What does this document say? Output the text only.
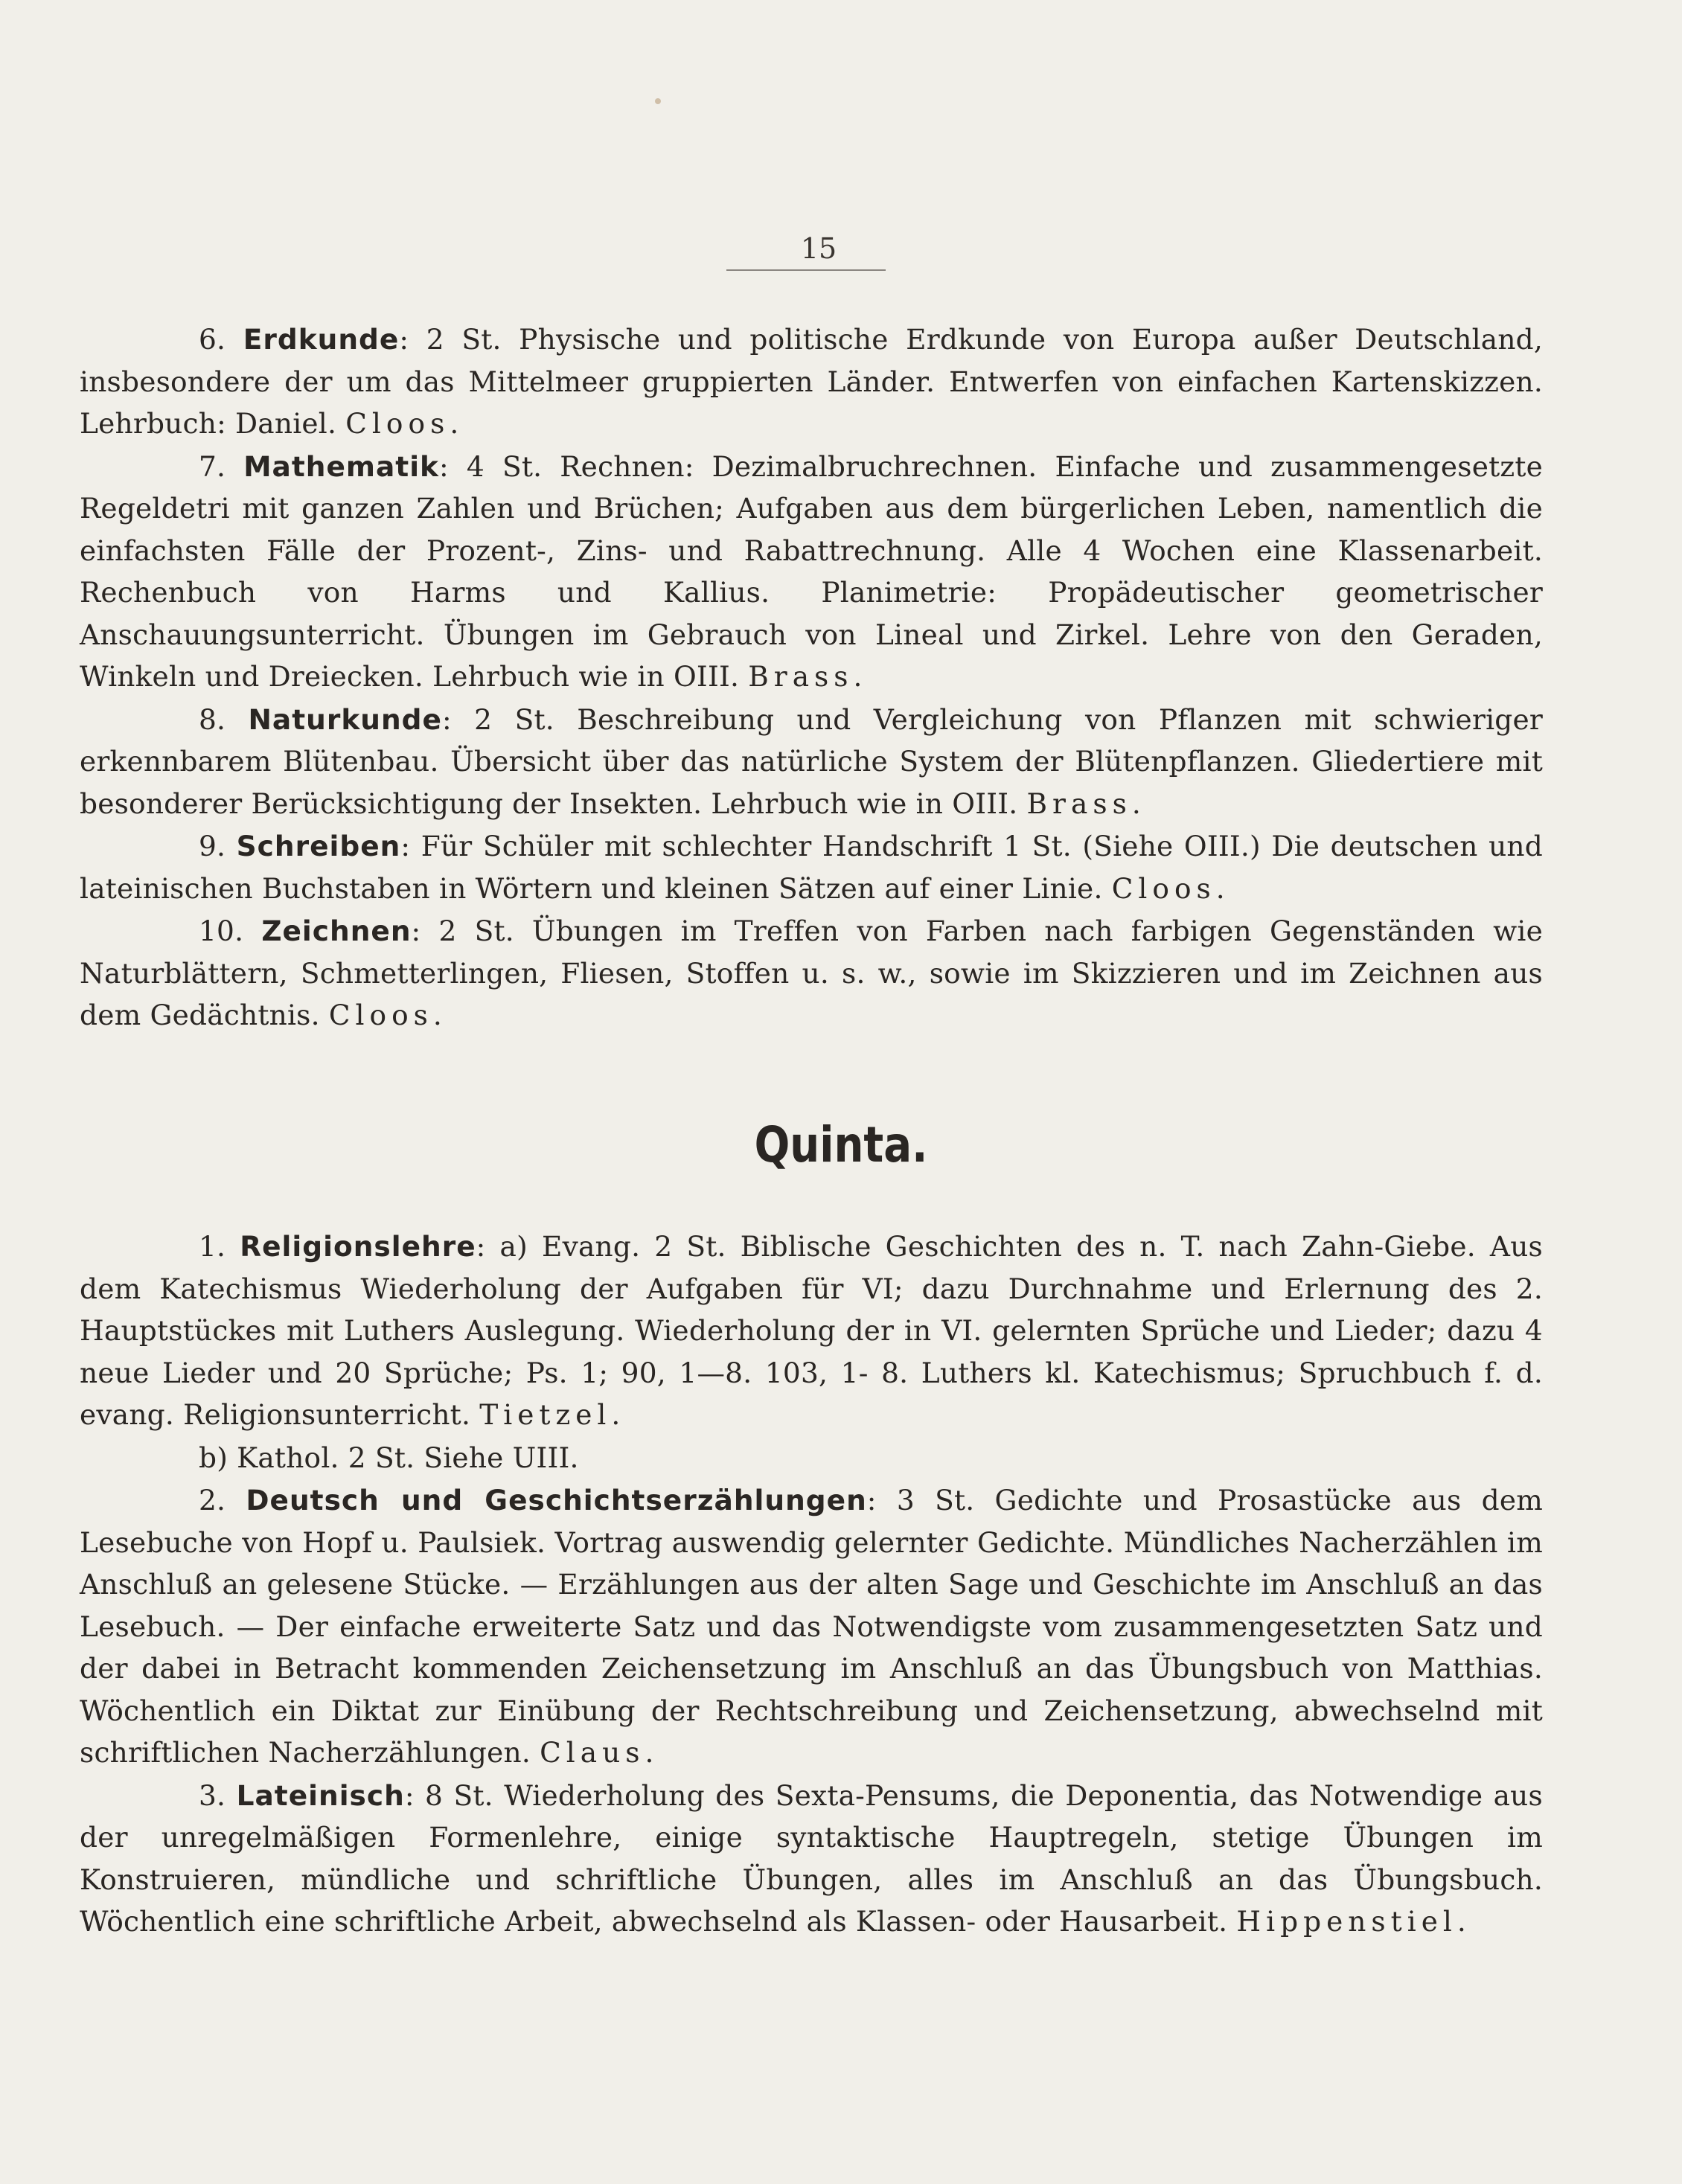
15

6. Erdkunde: 2 St. Physische und politische Erdkunde von Europa außer Deutschland, insbesondere der um das Mittelmeer gruppierten Länder. Entwerfen von einfachen Kartenskizzen. Lehrbuch: Daniel. Cloos.

7. Mathematik: 4 St. Rechnen: Dezimalbruchrechnen. Einfache und zusammengesetzte Regeldetri mit ganzen Zahlen und Brüchen; Aufgaben aus dem bürgerlichen Leben, namentlich die einfachsten Fälle der Prozent-, Zins- und Rabattrechnung. Alle 4 Wochen eine Klassenarbeit. Rechenbuch von Harms und Kallius. Planimetrie: Propädeutischer geometrischer Anschauungsunterricht. Übungen im Gebrauch von Lineal und Zirkel. Lehre von den Geraden, Winkeln und Dreiecken. Lehrbuch wie in OIII. Brass.

8. Naturkunde: 2 St. Beschreibung und Vergleichung von Pflanzen mit schwieriger erkennbarem Blütenbau. Übersicht über das natürliche System der Blütenpflanzen. Gliedertiere mit besonderer Berücksichtigung der Insekten. Lehrbuch wie in OIII. Brass.

9. Schreiben: Für Schüler mit schlechter Handschrift 1 St. (Siehe OIII.) Die deutschen und lateinischen Buchstaben in Wörtern und kleinen Sätzen auf einer Linie. Cloos.

10. Zeichnen: 2 St. Übungen im Treffen von Farben nach farbigen Gegenständen wie Naturblättern, Schmetterlingen, Fliesen, Stoffen u. s. w., sowie im Skizzieren und im Zeichnen aus dem Gedächtnis. Cloos.

Quinta.

1. Religionslehre: a) Evang. 2 St. Biblische Geschichten des n. T. nach Zahn-Giebe. Aus dem Katechismus Wiederholung der Aufgaben für VI; dazu Durchnahme und Erlernung des 2. Hauptstückes mit Luthers Auslegung. Wiederholung der in VI. gelernten Sprüche und Lieder; dazu 4 neue Lieder und 20 Sprüche; Ps. 1; 90, 1—8. 103, 1- 8. Luthers kl. Katechismus; Spruchbuch f. d. evang. Religionsunterricht. Tietzel.

b) Kathol. 2 St. Siehe UIII.

2. Deutsch und Geschichtserzählungen: 3 St. Gedichte und Prosastücke aus dem Lesebuche von Hopf u. Paulsiek. Vortrag auswendig gelernter Gedichte. Mündliches Nacherzählen im Anschluß an gelesene Stücke. — Erzählungen aus der alten Sage und Geschichte im Anschluß an das Lesebuch. — Der einfache erweiterte Satz und das Notwendigste vom zusammengesetzten Satz und der dabei in Betracht kommenden Zeichensetzung im Anschluß an das Übungsbuch von Matthias. Wöchentlich ein Diktat zur Einübung der Rechtschreibung und Zeichensetzung, abwechselnd mit schriftlichen Nacherzählungen. Claus.

3. Lateinisch: 8 St. Wiederholung des Sexta-Pensums, die Deponentia, das Notwendige aus der unregelmäßigen Formenlehre, einige syntaktische Hauptregeln, stetige Übungen im Konstruieren, mündliche und schriftliche Übungen, alles im Anschluß an das Übungsbuch. Wöchentlich eine schriftliche Arbeit, abwechselnd als Klassen- oder Hausarbeit. Hippenstiel.
